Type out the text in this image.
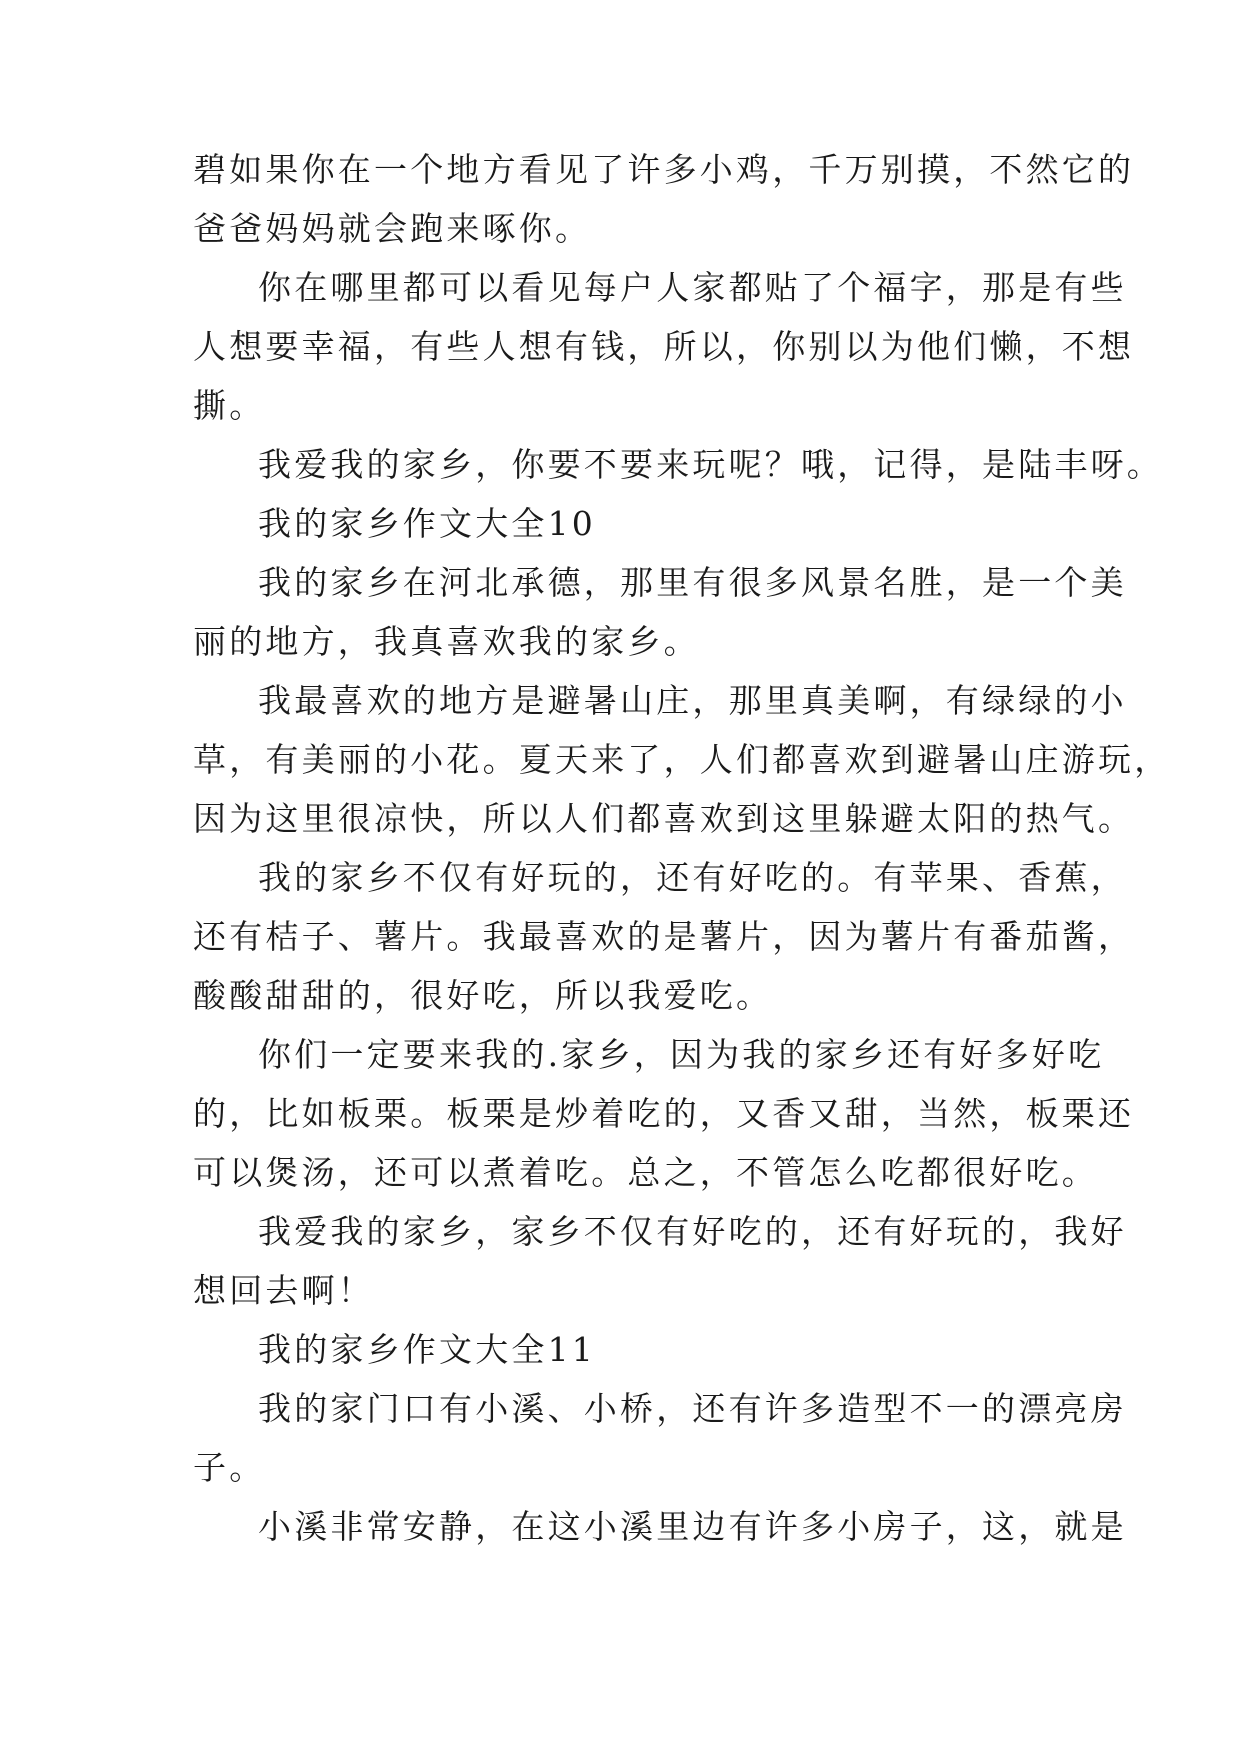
碧如果你在一个地方看见了许多小鸡，千万别摸，不然它的
爸爸妈妈就会跑来啄你。
你在哪里都可以看见每户人家都贴了个福字，那是有些
人想要幸福，有些人想有钱，所以，你别以为他们懒，不想
撕。
我爱我的家乡，你要不要来玩呢？哦，记得，是陆丰呀。
我的家乡作文大全10
我的家乡在河北承德，那里有很多风景名胜，是一个美
丽的地方，我真喜欢我的家乡。
我最喜欢的地方是避暑山庄，那里真美啊，有绿绿的小
草，有美丽的小花。夏天来了，人们都喜欢到避暑山庄游玩，
因为这里很凉快，所以人们都喜欢到这里躲避太阳的热气。
我的家乡不仅有好玩的，还有好吃的。有苹果、香蕉，
还有桔子、薯片。我最喜欢的是薯片，因为薯片有番茄酱，
酸酸甜甜的，很好吃，所以我爱吃。
你们一定要来我的.家乡，因为我的家乡还有好多好吃
的，比如板栗。板栗是炒着吃的，又香又甜，当然，板栗还
可以煲汤，还可以煮着吃。总之，不管怎么吃都很好吃。
我爱我的家乡，家乡不仅有好吃的，还有好玩的，我好
想回去啊！
我的家乡作文大全11
我的家门口有小溪、小桥，还有许多造型不一的漂亮房
子。
小溪非常安静，在这小溪里边有许多小房子，这，就是
